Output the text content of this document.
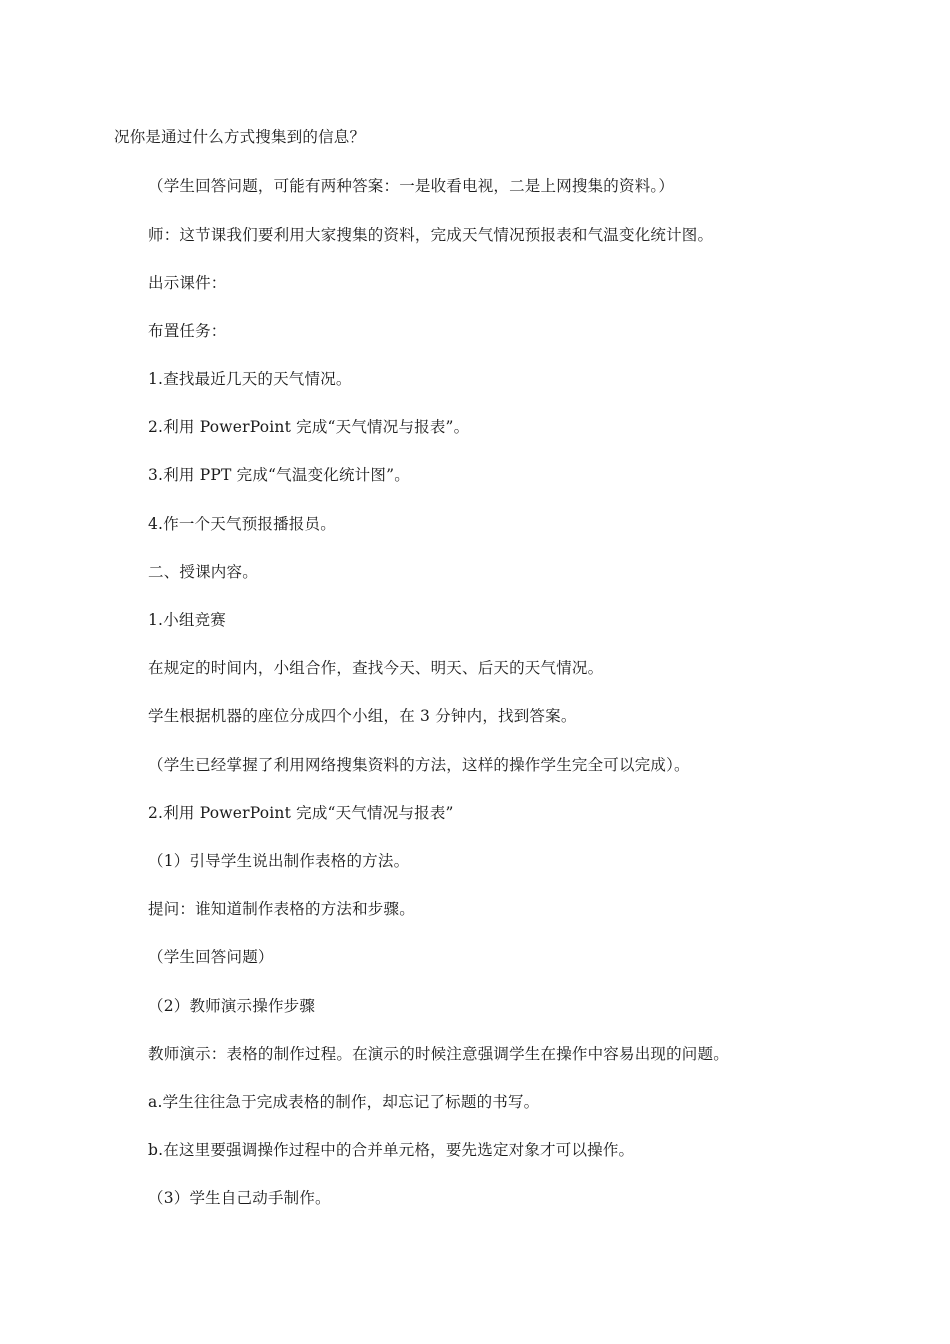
况你是通过什么方式搜集到的信息？
（学生回答问题，可能有两种答案：一是收看电视，二是上网搜集的资料。）
师：这节课我们要利用大家搜集的资料，完成天气情况预报表和气温变化统计图。
出示课件：
布置任务：
1.查找最近几天的天气情况。
2.利用 PowerPoint 完成“天气情况与报表”。
3.利用 PPT 完成“气温变化统计图”。
4.作一个天气预报播报员。
二、授课内容。
1.小组竞赛
在规定的时间内，小组合作，查找今天、明天、后天的天气情况。
学生根据机器的座位分成四个小组，在 3 分钟内，找到答案。
（学生已经掌握了利用网络搜集资料的方法，这样的操作学生完全可以完成）。
2.利用 PowerPoint 完成“天气情况与报表”
（1）引导学生说出制作表格的方法。
提问：谁知道制作表格的方法和步骤。
（学生回答问题）
（2）教师演示操作步骤
教师演示：表格的制作过程。在演示的时候注意强调学生在操作中容易出现的问题。
a.学生往往急于完成表格的制作，却忘记了标题的书写。
b.在这里要强调操作过程中的合并单元格，要先选定对象才可以操作。
（3）学生自己动手制作。
